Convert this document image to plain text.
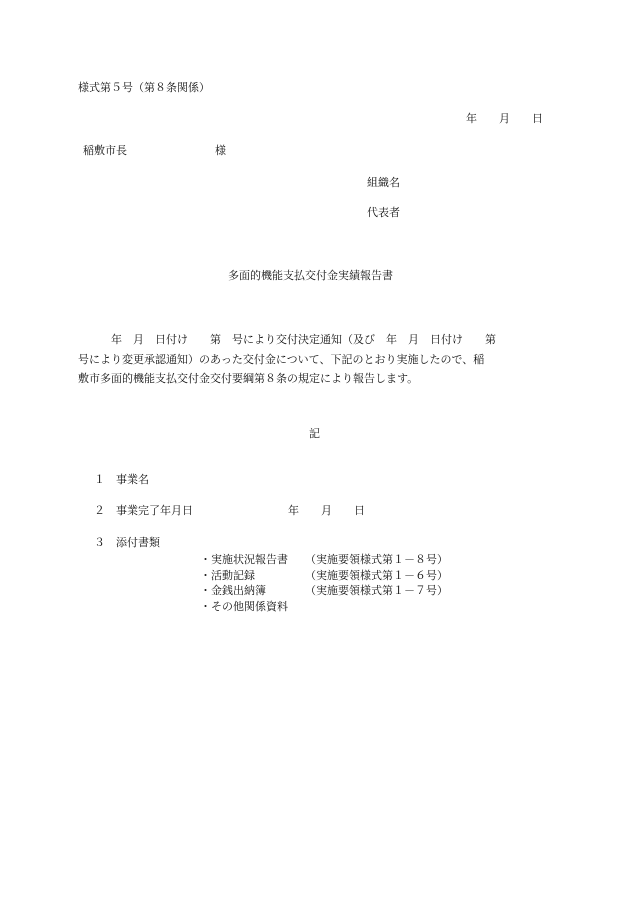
様式第５号（第８条関係）
年　　月　　日
稲敷市長　　　　　　　　様
組織名
代表者
多面的機能支払交付金実績報告書

　　　年　月　日付け　　第　号により交付決定通知（及び　年　月　日付け　　第

号により変更承認通知）のあった交付金について、下記のとおり実施したので、稲

敷市多面的機能支払交付金交付要綱第８条の規定により報告します。

記
１ 事業名
２ 事業完了年月日	年　　月　　日
３ 添付書類
・実施状況報告書 （実施要領様式第１－８号）
・活動記録	（実施要領様式第１－６号）
・金銭出納簿	（実施要領様式第１－７号）
・その他関係資料
